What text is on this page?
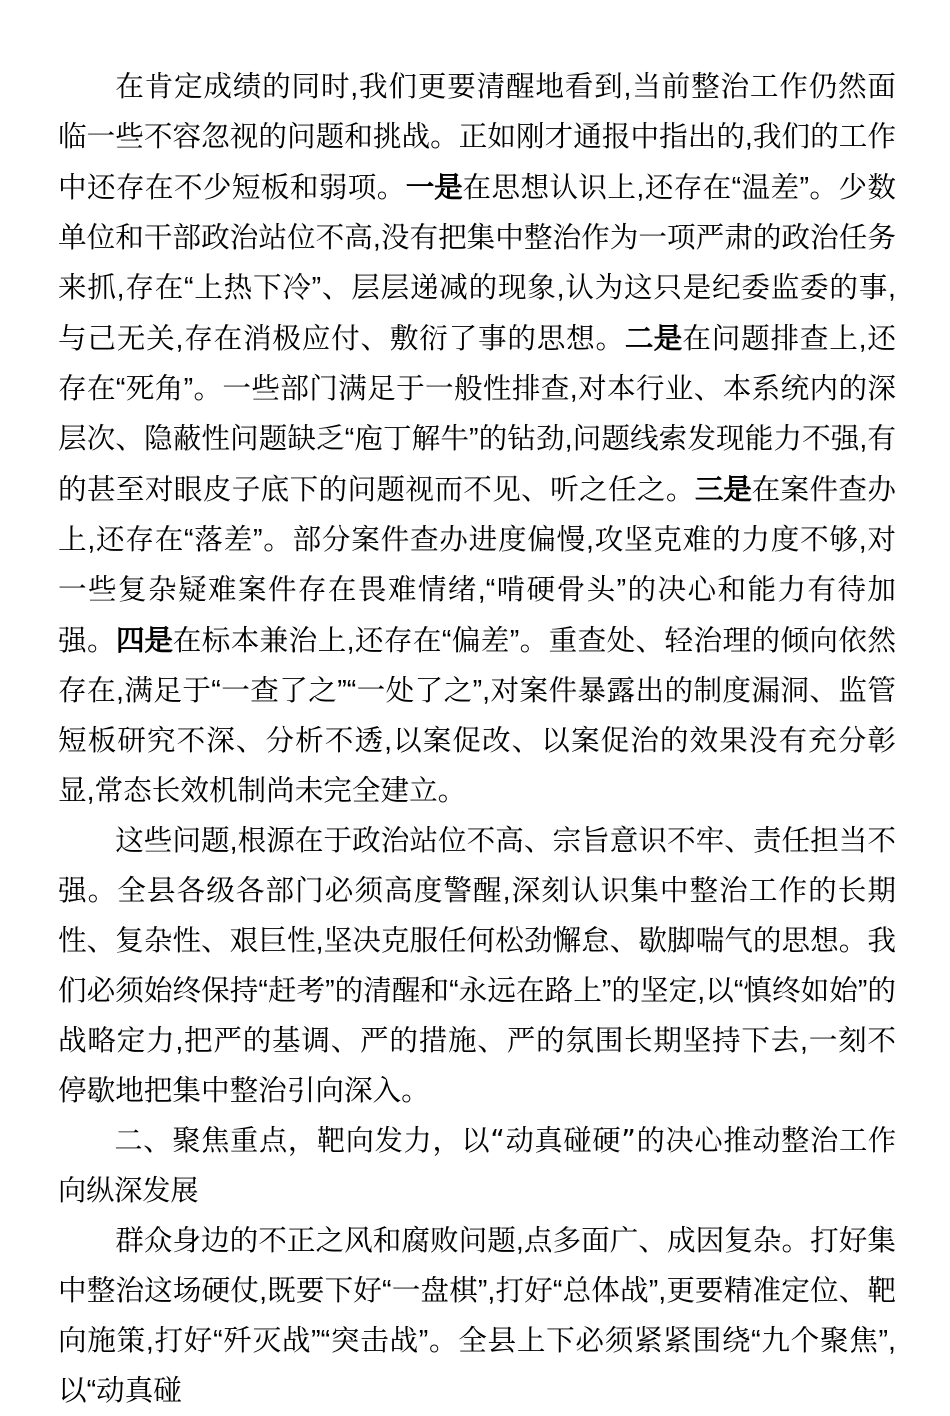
在肯定成绩的同时,我们更要清醒地看到,当前整治工作仍然面临一些不容忽视的问题和挑战。正如刚才通报中指出的,我们的工作中还存在不少短板和弱项。一是在思想认识上,还存在“温差”。少数单位和干部政治站位不高,没有把集中整治作为一项严肃的政治任务来抓,存在“上热下冷”、层层递减的现象,认为这只是纪委监委的事,与己无关,存在消极应付、敷衍了事的思想。二是在问题排查上,还存在“死角”。一些部门满足于一般性排查,对本行业、本系统内的深层次、隐蔽性问题缺乏“庖丁解牛”的钻劲,问题线索发现能力不强,有的甚至对眼皮子底下的问题视而不见、听之任之。三是在案件查办上,还存在“落差”。部分案件查办进度偏慢,攻坚克难的力度不够,对一些复杂疑难案件存在畏难情绪,“啃硬骨头”的决心和能力有待加强。四是在标本兼治上,还存在“偏差”。重查处、轻治理的倾向依然存在,满足于“一查了之”“一处了之”,对案件暴露出的制度漏洞、监管短板研究不深、分析不透,以案促改、以案促治的效果没有充分彰显,常态长效机制尚未完全建立。

这些问题,根源在于政治站位不高、宗旨意识不牢、责任担当不强。全县各级各部门必须高度警醒,深刻认识集中整治工作的长期性、复杂性、艰巨性,坚决克服任何松劲懈怠、歇脚喘气的思想。我们必须始终保持“赶考”的清醒和“永远在路上”的坚定,以“慎终如始”的战略定力,把严的基调、严的措施、严的氛围长期坚持下去,一刻不停歇地把集中整治引向深入。

二、聚焦重点，靶向发力，以“动真碰硬”的决心推动整治工作向纵深发展

群众身边的不正之风和腐败问题,点多面广、成因复杂。打好集中整治这场硬仗,既要下好“一盘棋”,打好“总体战”,更要精准定位、靶向施策,打好“歼灭战”“突击战”。全县上下必须紧紧围绕“九个聚焦”,以“动真碰
